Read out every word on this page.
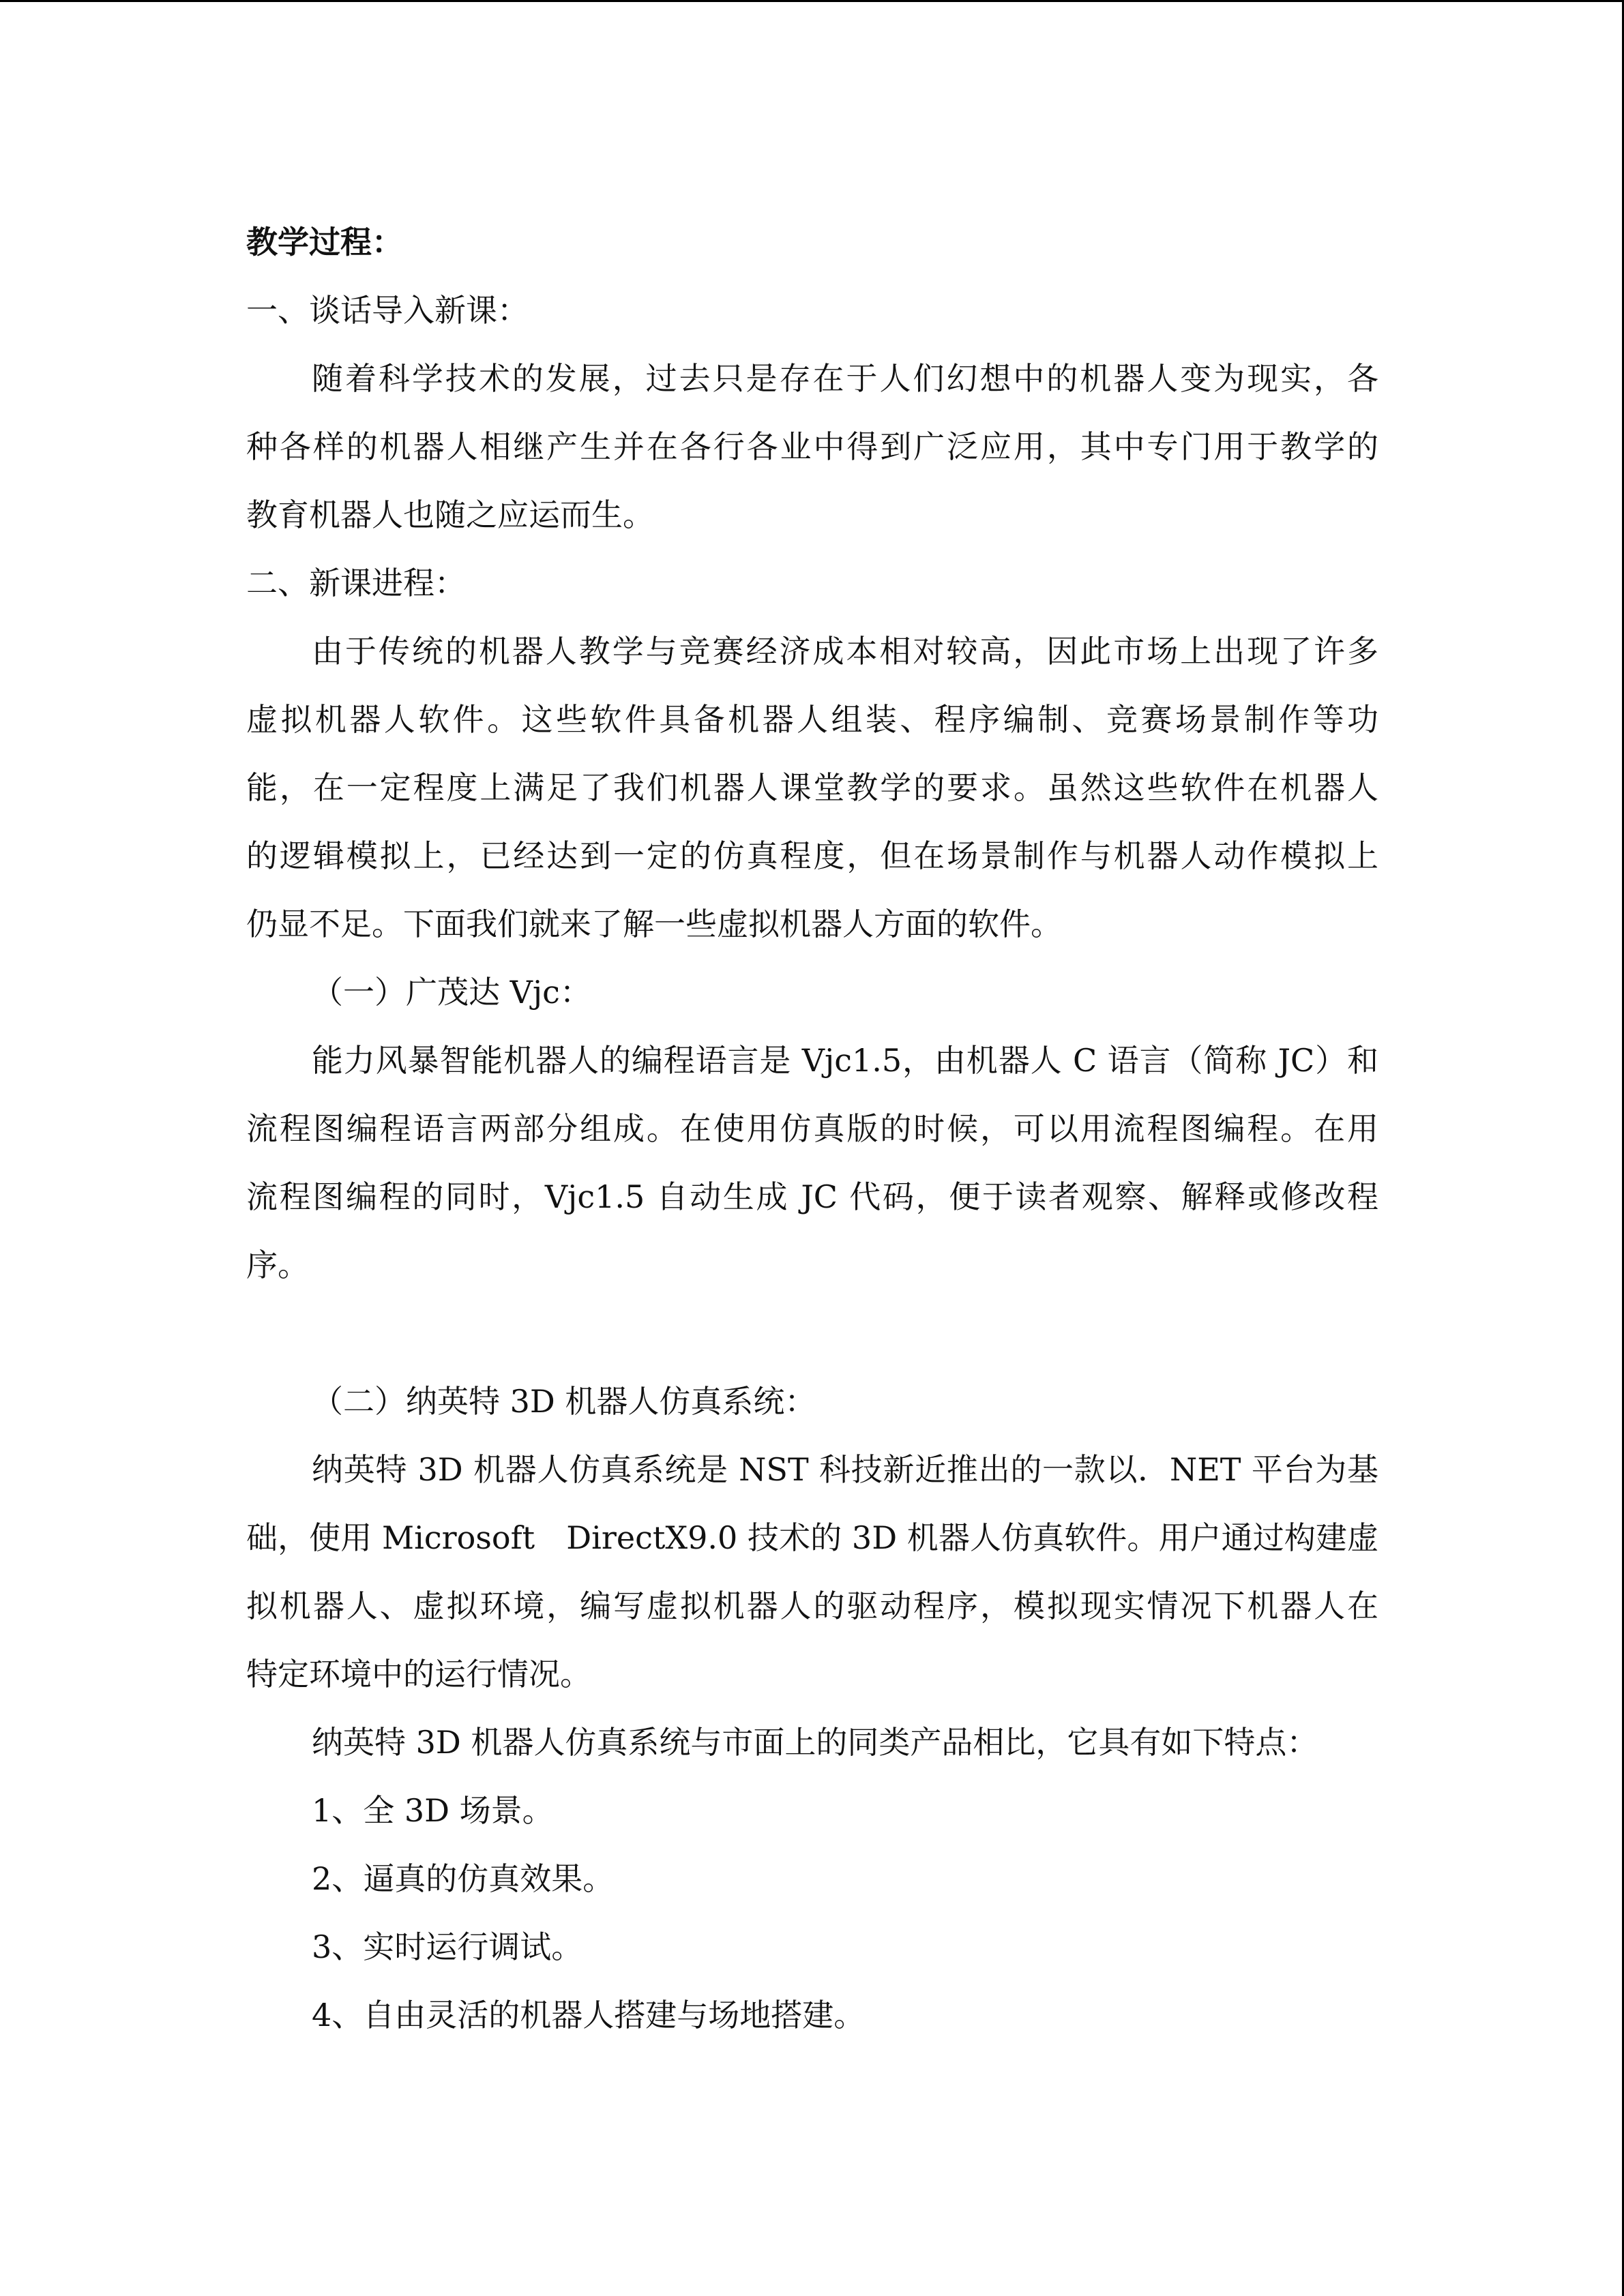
教学过程：
一、谈话导入新课：
随着科学技术的发展，过去只是存在于人们幻想中的机器人变为现实，各
种各样的机器人相继产生并在各行各业中得到广泛应用，其中专门用于教学的
教育机器人也随之应运而生。
二、新课进程：
由于传统的机器人教学与竞赛经济成本相对较高，因此市场上出现了许多
虚拟机器人软件。这些软件具备机器人组装、程序编制、竞赛场景制作等功
能，在一定程度上满足了我们机器人课堂教学的要求。虽然这些软件在机器人
的逻辑模拟上，已经达到一定的仿真程度，但在场景制作与机器人动作模拟上
仍显不足。下面我们就来了解一些虚拟机器人方面的软件。
（一）广茂达 Vjc：
能力风暴智能机器人的编程语言是 Vjc1.5，由机器人 C 语言（简称 JC）和
流程图编程语言两部分组成。在使用仿真版的时候，可以用流程图编程。在用
流程图编程的同时，Vjc1.5 自动生成 JC 代码，便于读者观察、解释或修改程
序。
（二）纳英特 3D 机器人仿真系统：
纳英特 3D 机器人仿真系统是 NST 科技新近推出的一款以．NET 平台为基
础，使用 Microsoft　DirectX9.0 技术的 3D 机器人仿真软件。用户通过构建虚
拟机器人、虚拟环境，编写虚拟机器人的驱动程序，模拟现实情况下机器人在
特定环境中的运行情况。
纳英特 3D 机器人仿真系统与市面上的同类产品相比，它具有如下特点：
1、全 3D 场景。
2、逼真的仿真效果。
3、实时运行调试。
4、自由灵活的机器人搭建与场地搭建。
